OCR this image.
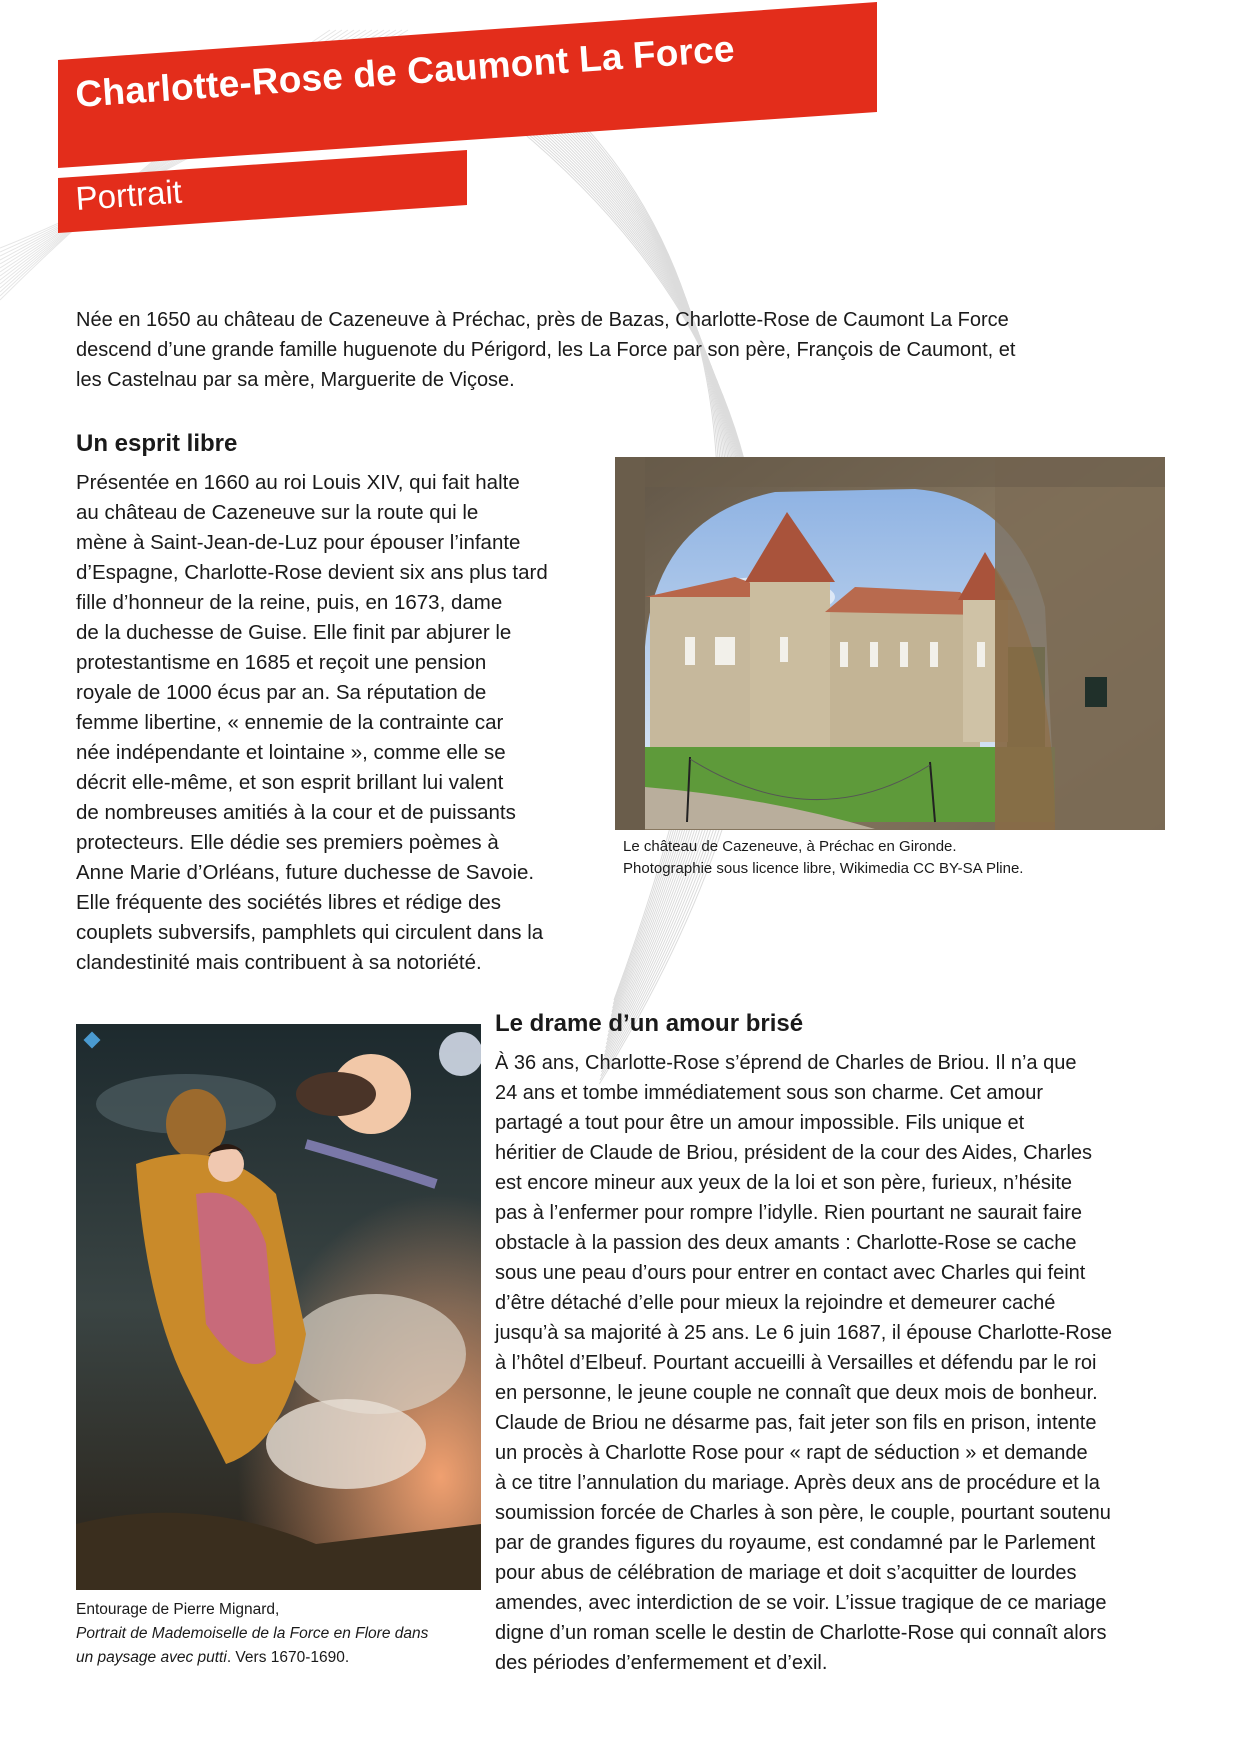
Charlotte-Rose de Caumont La Force
Portrait
Née en 1650 au château de Cazeneuve à Préchac, près de Bazas, Charlotte-Rose de Caumont La Force
descend d’une grande famille huguenote du Périgord, les La Force par son père, François de Caumont, et
les Castelnau par sa mère, Marguerite de Viçose.
Un esprit libre
Présentée en 1660 au roi Louis XIV, qui fait halte
au château de Cazeneuve sur la route qui le
mène à Saint-Jean-de-Luz pour épouser l’infante
d’Espagne, Charlotte-Rose devient six ans plus tard
fille d’honneur de la reine, puis, en 1673, dame
de la duchesse de Guise. Elle finit par abjurer le
protestantisme en 1685 et reçoit une pension
royale de 1000 écus par an. Sa réputation de
femme libertine, « ennemie de la contrainte car
née indépendante et lointaine », comme elle se
décrit elle-même, et son esprit brillant lui valent
de nombreuses amitiés à la cour et de puissants
protecteurs. Elle dédie ses premiers poèmes à
Anne Marie d’Orléans, future duchesse de Savoie.
Elle fréquente des sociétés libres et rédige des
couplets subversifs, pamphlets qui circulent dans la
clandestinité mais contribuent à sa notoriété.
Le château de Cazeneuve, à Préchac en Gironde.
Photographie sous licence libre, Wikimedia CC BY-SA Pline.
Entourage de Pierre Mignard,
Portrait de Mademoiselle de la Force en Flore dans
un paysage avec putti. Vers 1670-1690.
Le drame d’un amour brisé
À 36 ans, Charlotte-Rose s’éprend de Charles de Briou. Il n’a que
24 ans et tombe immédiatement sous son charme. Cet amour
partagé a tout pour être un amour impossible. Fils unique et
héritier de Claude de Briou, président de la cour des Aides, Charles
est encore mineur aux yeux de la loi et son père, furieux, n’hésite
pas à l’enfermer pour rompre l’idylle. Rien pourtant ne saurait faire
obstacle à la passion des deux amants : Charlotte-Rose se cache
sous une peau d’ours pour entrer en contact avec Charles qui feint
d’être détaché d’elle pour mieux la rejoindre et demeurer caché
jusqu’à sa majorité à 25 ans. Le 6 juin 1687, il épouse Charlotte-Rose
à l’hôtel d’Elbeuf. Pourtant accueilli à Versailles et défendu par le roi
en personne, le jeune couple ne connaît que deux mois de bonheur.
Claude de Briou ne désarme pas, fait jeter son fils en prison, intente
un procès à Charlotte Rose pour « rapt de séduction » et demande
à ce titre l’annulation du mariage. Après deux ans de procédure et la
soumission forcée de Charles à son père, le couple, pourtant soutenu
par de grandes figures du royaume, est condamné par le Parlement
pour abus de célébration de mariage et doit s’acquitter de lourdes
amendes, avec interdiction de se voir. L’issue tragique de ce mariage
digne d’un roman scelle le destin de Charlotte-Rose qui connaît alors
des périodes d’enfermement et d’exil.
